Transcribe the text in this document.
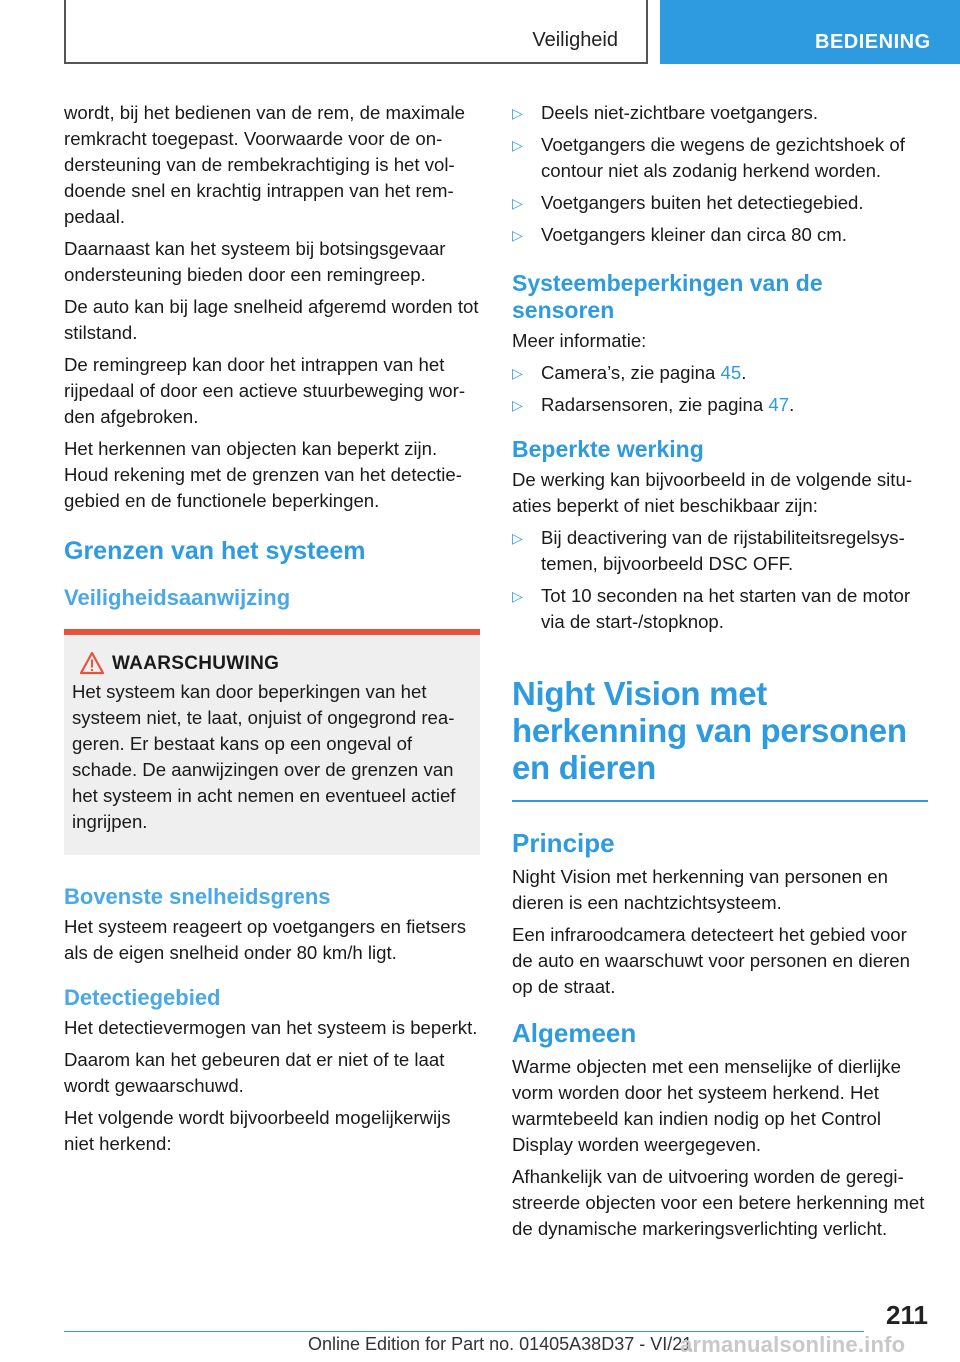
Veiligheid	BEDIENING

wordt, bij het bedienen van de rem, de maximale remkracht toegepast. Voorwaarde voor de ondersteuning van de rembekrachtiging is het voldoende snel en krachtig intrappen van het rempedaal.

Daarnaast kan het systeem bij botsingsgevaar ondersteuning bieden door een remingreep.

De auto kan bij lage snelheid afgeremd worden tot stilstand.

De remingreep kan door het intrappen van het rijpedaal of door een actieve stuurbeweging worden afgebroken.

Het herkennen van objecten kan beperkt zijn. Houd rekening met de grenzen van het detectiegebied en de functionele beperkingen.

Grenzen van het systeem
Veiligheidsaanwijzing
WAARSCHUWING

Het systeem kan door beperkingen van het systeem niet, te laat, onjuist of ongegrond reageren. Er bestaat kans op een ongeval of schade. De aanwijzingen over de grenzen van het systeem in acht nemen en eventueel actief ingrijpen.

Bovenste snelheidsgrens

Het systeem reageert op voetgangers en fietsers als de eigen snelheid onder 80 km/h ligt.

Detectiegebied

Het detectievermogen van het systeem is beperkt.

Daarom kan het gebeuren dat er niet of te laat wordt gewaarschuwd.

Het volgende wordt bijvoorbeeld mogelijkerwijs niet herkend:

▷ Deels niet-zichtbare voetgangers.
▷ Voetgangers die wegens de gezichtshoek of contour niet als zodanig herkend worden.
▷ Voetgangers buiten het detectiegebied.
▷ Voetgangers kleiner dan circa 80 cm.
Systeembeperkingen van de sensoren

Meer informatie:

▷ Camera’s, zie pagina 45.
▷ Radarsensoren, zie pagina 47.
Beperkte werking

De werking kan bijvoorbeeld in de volgende situaties beperkt of niet beschikbaar zijn:

▷ Bij deactivering van de rijstabiliteitsregelsystemen, bijvoorbeeld DSC OFF.
▷ Tot 10 seconden na het starten van de motor via de start-/stopknop.
Night Vision met herkenning van personen en dieren
Principe

Night Vision met herkenning van personen en dieren is een nachtzichtsysteem.

Een infraroodcamera detecteert het gebied voor de auto en waarschuwt voor personen en dieren op de straat.

Algemeen

Warme objecten met een menselijke of dierlijke vorm worden door het systeem herkend. Het warmtebeeld kan indien nodig op het Control Display worden weergegeven.

Afhankelijk van de uitvoering worden de geregistreerde objecten voor een betere herkenning met de dynamische markeringsverlichting verlicht.

211
Online Edition for Part no. 01405A38D37 - VI/21
armanualsonline.info
